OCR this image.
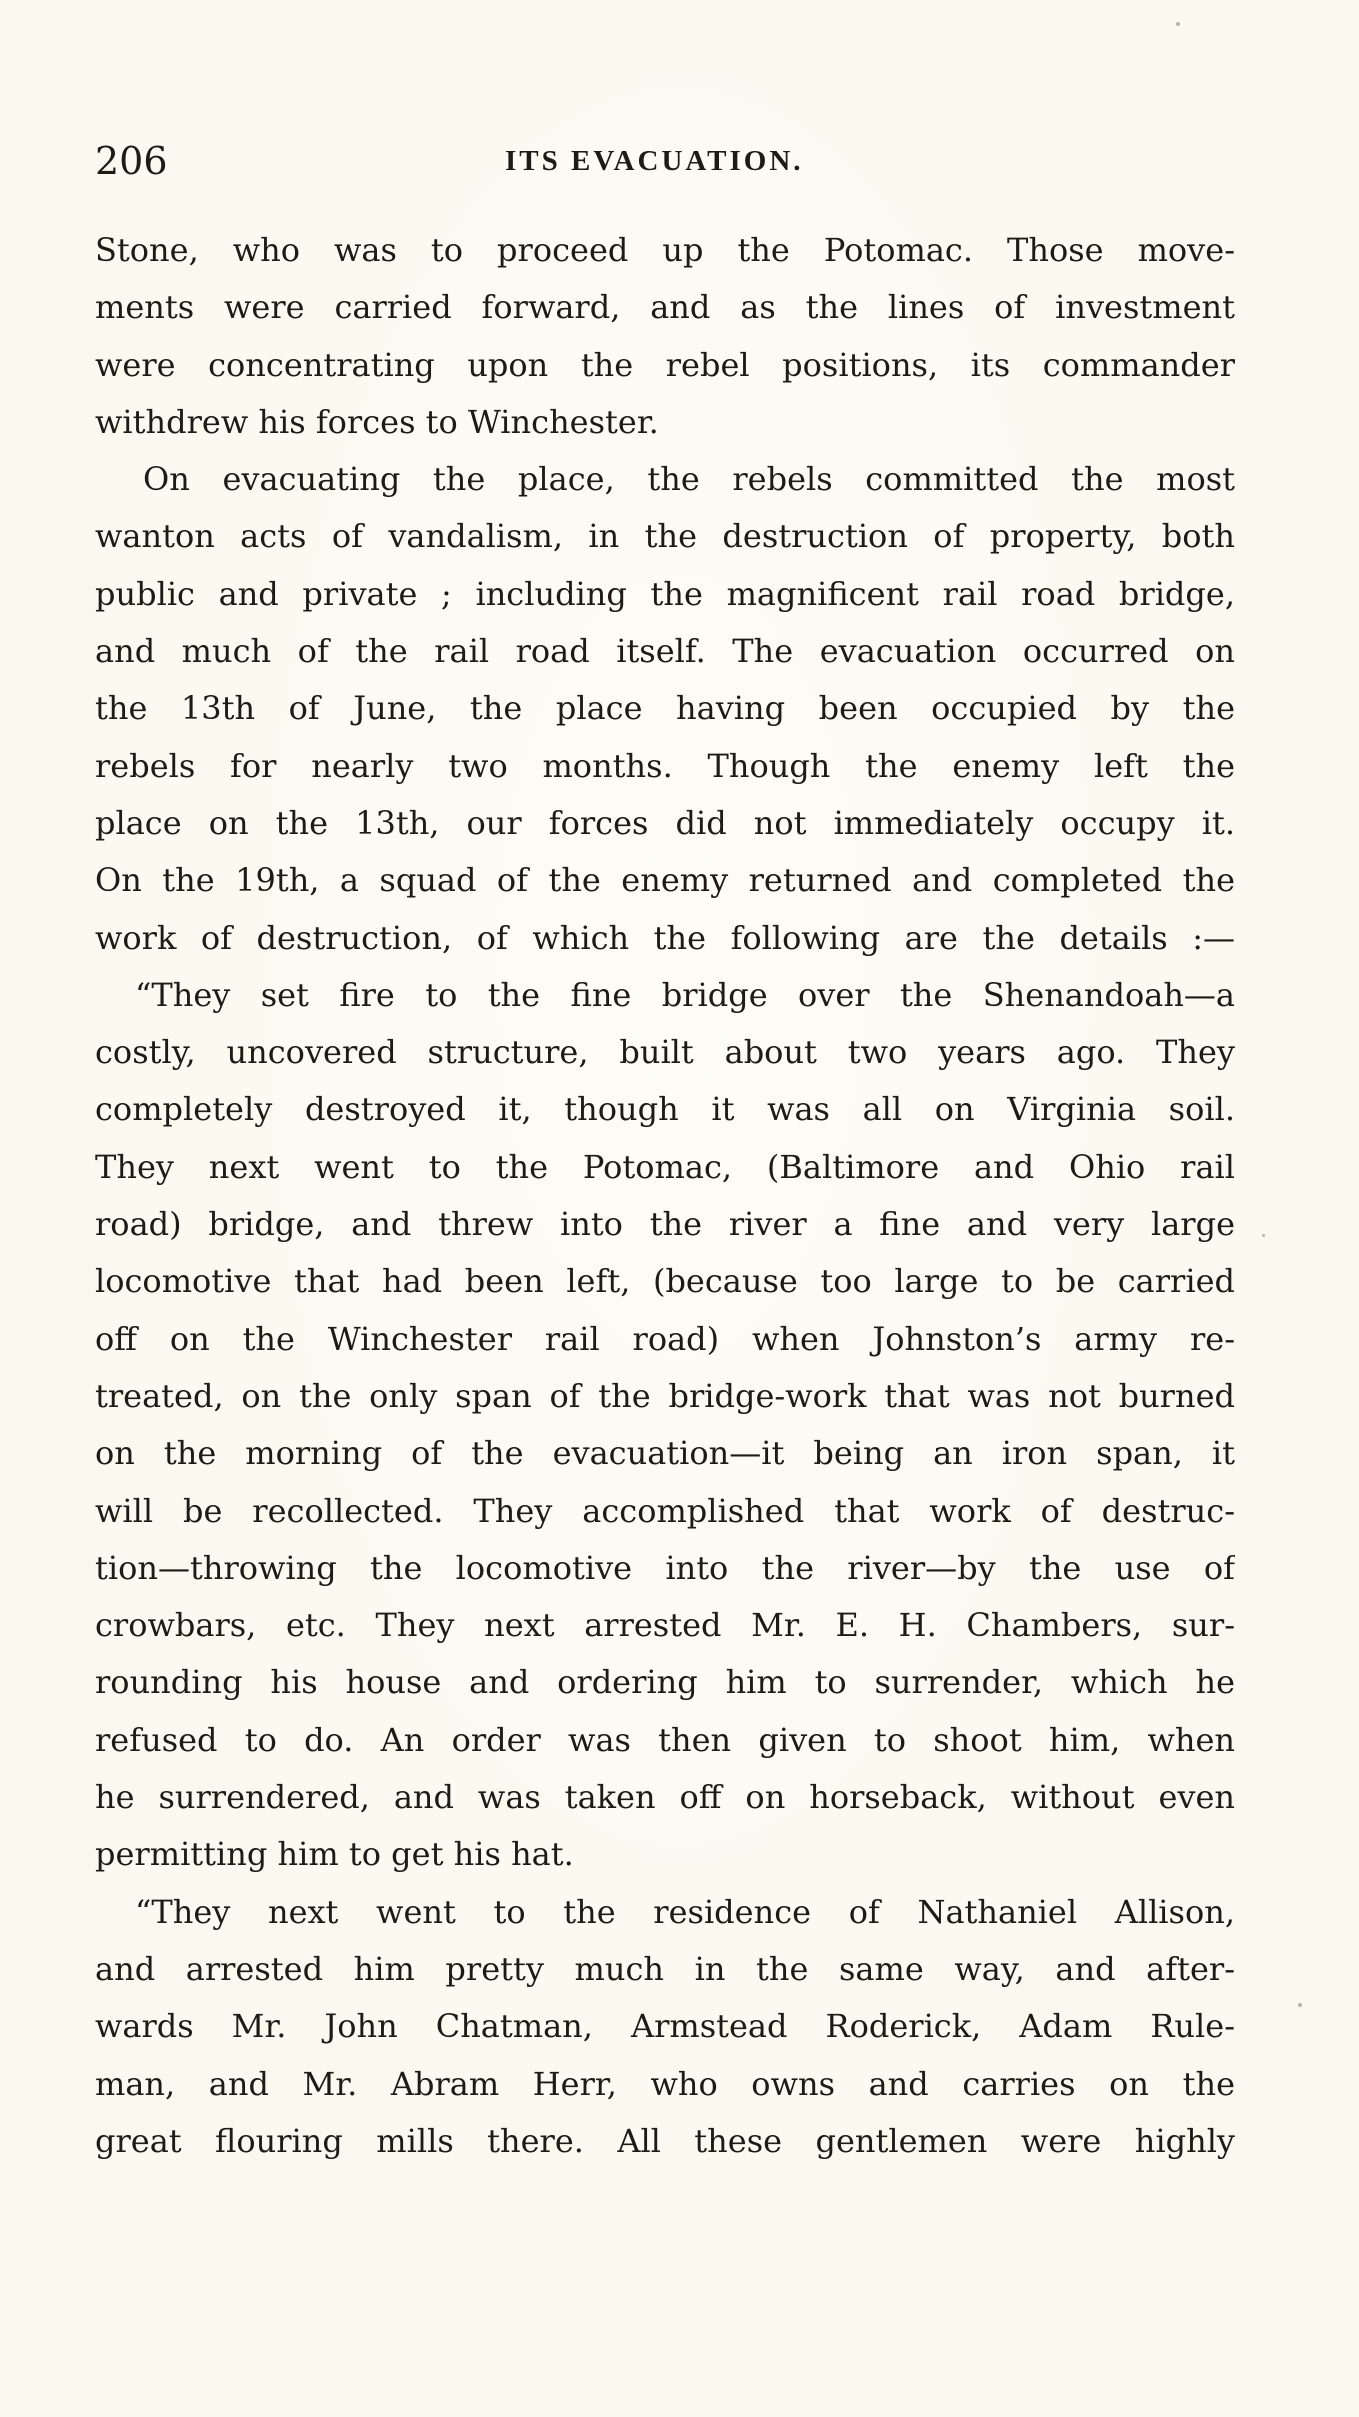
206	ITS EVACUATION.
Stone, who was to proceed up the Potomac. Those move-
ments were carried forward, and as the lines of investment
were concentrating upon the rebel positions, its commander
withdrew his forces to Winchester.
On evacuating the place, the rebels committed the most
wanton acts of vandalism, in the destruction of property, both
public and private ; including the magnificent rail road bridge,
and much of the rail road itself. The evacuation occurred on
the 13th of June, the place having been occupied by the
rebels for nearly two months. Though the enemy left the
place on the 13th, our forces did not immediately occupy it.
On the 19th, a squad of the enemy returned and completed the
work of destruction, of which the following are the details :—
“They set fire to the fine bridge over the Shenandoah—a
costly, uncovered structure, built about two years ago. They
completely destroyed it, though it was all on Virginia soil.
They next went to the Potomac, (Baltimore and Ohio rail
road) bridge, and threw into the river a fine and very large
locomotive that had been left, (because too large to be carried
off on the Winchester rail road) when Johnston’s army re-
treated, on the only span of the bridge-work that was not burned
on the morning of the evacuation—it being an iron span, it
will be recollected. They accomplished that work of destruc-
tion—throwing the locomotive into the river—by the use of
crowbars, etc. They next arrested Mr. E. H. Chambers, sur-
rounding his house and ordering him to surrender, which he
refused to do. An order was then given to shoot him, when
he surrendered, and was taken off on horseback, without even
permitting him to get his hat.
“They next went to the residence of Nathaniel Allison,
and arrested him pretty much in the same way, and after-
wards Mr. John Chatman, Armstead Roderick, Adam Rule-
man, and Mr. Abram Herr, who owns and carries on the
great flouring mills there. All these gentlemen were highly
